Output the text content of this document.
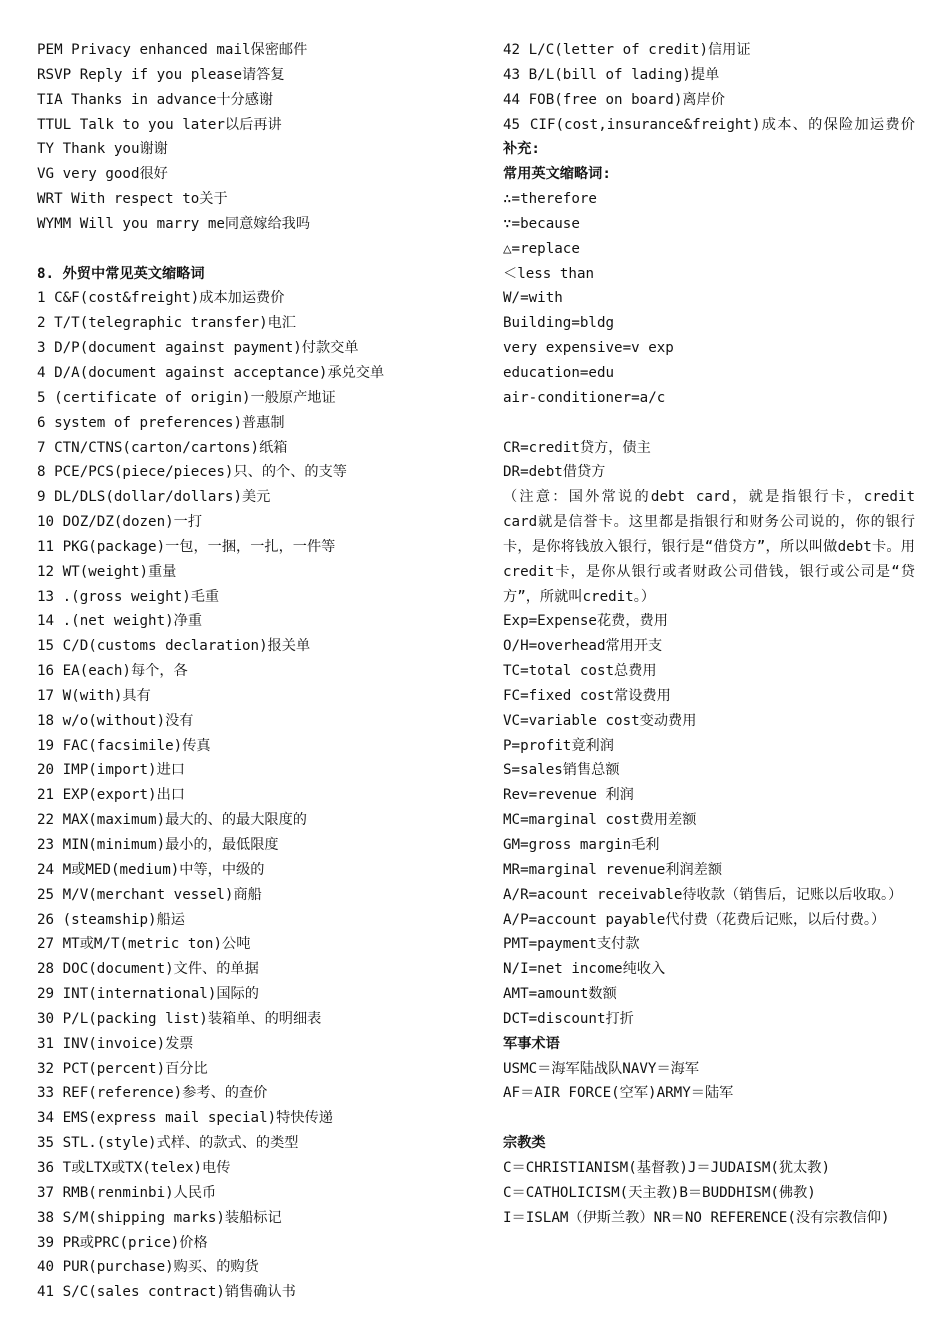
PEM Privacy enhanced mail保密邮件
RSVP Reply if you please请答复
TIA Thanks in advance十分感谢
TTUL Talk to you later以后再讲
TY Thank you谢谢
VG very good很好
WRT With respect to关于
WYMM Will you marry me同意嫁给我吗
8. 外贸中常见英文缩略词
1 C&F(cost&freight)成本加运费价
2 T/T(telegraphic transfer)电汇
3 D/P(document against payment)付款交单
4 D/A(document against acceptance)承兑交单
5 (certificate of origin)一般原产地证
6 system of preferences)普惠制
7 CTN/CTNS(carton/cartons)纸箱
8 PCE/PCS(piece/pieces)只、的个、的支等
9 DL/DLS(dollar/dollars)美元
10 DOZ/DZ(dozen)一打
11 PKG(package)一包，一捆，一扎，一件等
12 WT(weight)重量
13 .(gross weight)毛重
14 .(net weight)净重
15 C/D(customs declaration)报关单
16 EA(each)每个，各
17 W(with)具有
18 w/o(without)没有
19 FAC(facsimile)传真
20 IMP(import)进口
21 EXP(export)出口
22 MAX(maximum)最大的、的最大限度的
23 MIN(minimum)最小的，最低限度
24 M或MED(medium)中等，中级的
25 M/V(merchant vessel)商船
26 (steamship)船运
27 MT或M/T(metric ton)公吨
28 DOC(document)文件、的单据
29 INT(international)国际的
30 P/L(packing list)装箱单、的明细表
31 INV(invoice)发票
32 PCT(percent)百分比
33 REF(reference)参考、的查价
34 EMS(express mail special)特快传递
35 STL.(style)式样、的款式、的类型
36 T或LTX或TX(telex)电传
37 RMB(renminbi)人民币
38 S/M(shipping marks)装船标记
39 PR或PRC(price)价格
40 PUR(purchase)购买、的购货
41 S/C(sales contract)销售确认书
42 L/C(letter of credit)信用证
43 B/L(bill of lading)提单
44 FOB(free on board)离岸价
45 CIF(cost,insurance&freight)成本、的保险加运费价补充:
常用英文缩略词:
∴=therefore
∵=because
△=replace
＜less than
W/=with
Building=bldg
very expensive=v exp
education=edu
air-conditioner=a/c
CR=credit贷方，债主
DR=debt借贷方
（注意：国外常说的debt card，就是指银行卡，credit card就是信誉卡。这里都是指银行和财务公司说的，你的银行卡，是你将钱放入银行，银行是“借贷方”，所以叫做debt卡。用credit卡，是你从银行或者财政公司借钱，银行或公司是“贷方”，所就叫credit。）
Exp=Expense花费，费用
O/H=overhead常用开支
TC=total cost总费用
FC=fixed cost常设费用
VC=variable cost变动费用
P=profit竟利润
S=sales销售总额
Rev=revenue 利润
MC=marginal cost费用差额
GM=gross margin毛利
MR=marginal revenue利润差额
A/R=acount receivable待收款（销售后，记账以后收取。）
A/P=account payable代付费（花费后记账，以后付费。）
PMT=payment支付款
N/I=net income纯收入
AMT=amount数额
DCT=discount打折
军事术语
USMC＝海军陆战队NAVY＝海军
AF＝AIR FORCE(空军)ARMY＝陆军
宗教类
C＝CHRISTIANISM(基督教)J＝JUDAISM(犹太教)
C＝CATHOLICISM(天主教)B＝BUDDHISM(佛教)
I＝ISLAM（伊斯兰教）NR＝NO REFERENCE(没有宗教信仰)
